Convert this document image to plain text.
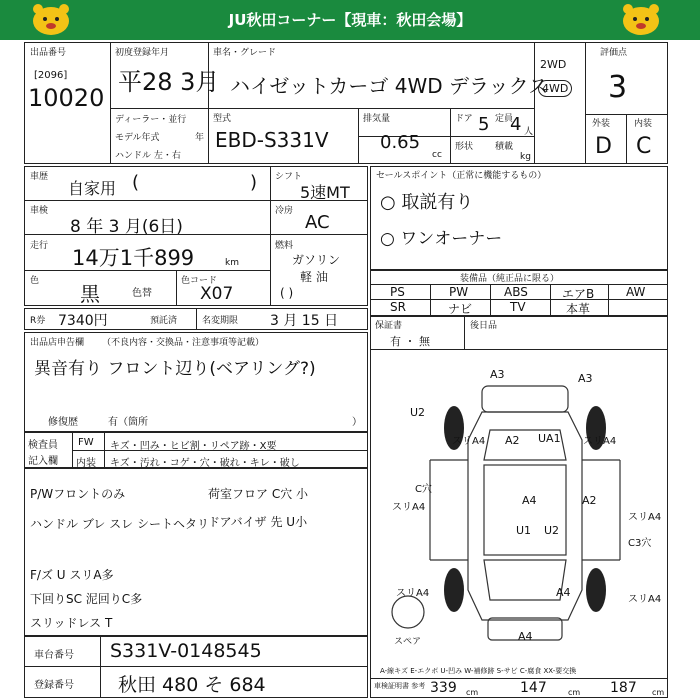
JU秋田コーナー【現車：秋田会場】
出品番号
[2096]
10020
初度登録年月
平28 3月
車名・グレード
ハイゼットカーゴ 4WD デラックス
2WD
4WD
評価点
3
外装	内装
D C
ディーラー・並行
モデル年式	年
ハンドル 左・右
型式
EBD-S331V
排気量
0.65
cc
ドア 5 定員
4 人
形状 積載
kg
車歴
自家用 (	) シフト
5速MT
車検
8 年 3 月(6日)
冷房
AC
走行 14万1千899	km
燃料
ガソリン
軽 油
( )
色
黒	色替
色コード
X07
セールスポイント（正常に機能するもの）
○ 取説有り
○ ワンオーナー
装備品（純正品に限る）
PS	PW	ABS	エアB	AW
SR	ナビ	TV	本革
R券 7340円	預託済	名変期限 3 月 15 日	保証書
有 ・ 無
後日品
出品店申告欄 （不良内容・交換品・注意事項等記載）
異音有り フロント辺り(ベアリング?)
修復歴	有（箇所	）
検査員
記入欄
FW キズ・凹み・ヒビ割・リペア跡・X要
内装 キズ・汚れ・コゲ・穴・破れ・キレ・破し
P/Wフロントのみ
ハンドル ブレ スレ シートヘタリ
F/ズ U スリA多
下回りSC 泥回りC多
スリッドレス T
荷室フロア C穴 小
ドアバイザ 先 U小
車台番号 S331V-0148545
登録番号 秋田 480 そ 684
A3	A3
U2
スリA4 A2 UA1 スリA4
C穴
A4	A2
スリA4
スリA4
U1 U2
C3穴
スリA4	A4
スリA4
A4
スペア
A-線キズ E-エクボ U-凹み W-補修跡 S-サビ C-腐食 XX-要交換
車検証明書 参考 339 cm	147	cm 187 cm
